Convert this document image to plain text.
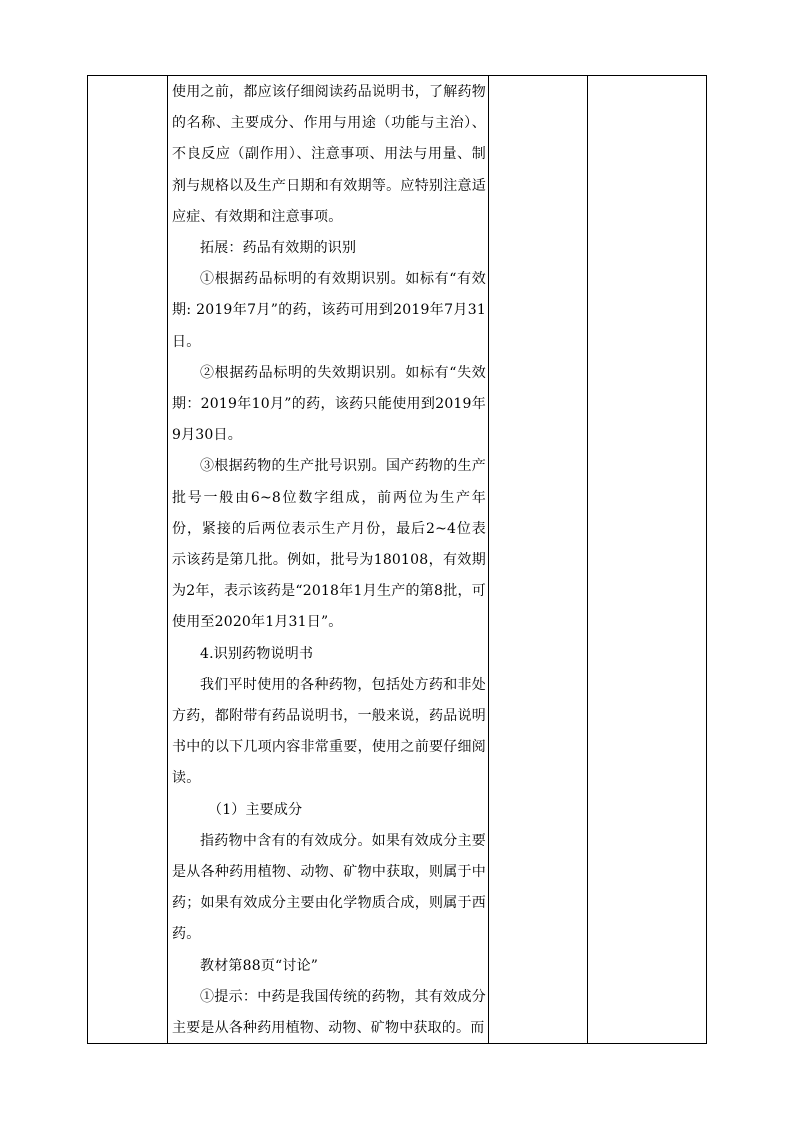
使用之前，都应该仔细阅读药品说明书，了解药物的名称、主要成分、作用与用途（功能与主治）、不良反应（副作用）、注意事项、用法与用量、制剂与规格以及生产日期和有效期等。应特别注意适应症、有效期和注意事项。

拓展：药品有效期的识别

①根据药品标明的有效期识别。如标有“有效期: 2019年7月”的药，该药可用到2019年7月31日。

②根据药品标明的失效期识别。如标有“失效期：2019年10月”的药，该药只能使用到2019年9月30日。

③根据药物的生产批号识别。国产药物的生产批号一般由6~8位数字组成，前两位为生产年份，紧接的后两位表示生产月份，最后2~4位表示该药是第几批。例如，批号为180108，有效期为2年，表示该药是“2018年1月生产的第8批，可使用至2020年1月31日”。

4.识别药物说明书

我们平时使用的各种药物，包括处方药和非处方药，都附带有药品说明书，一般来说，药品说明书中的以下几项内容非常重要，使用之前要仔细阅读。

（1）主要成分

指药物中含有的有效成分。如果有效成分主要是从各种药用植物、动物、矿物中获取，则属于中药；如果有效成分主要由化学物质合成，则属于西药。

教材第88页“讨论”

①提示：中药是我国传统的药物，其有效成分主要是从各种药用植物、动物、矿物中获取的。而
